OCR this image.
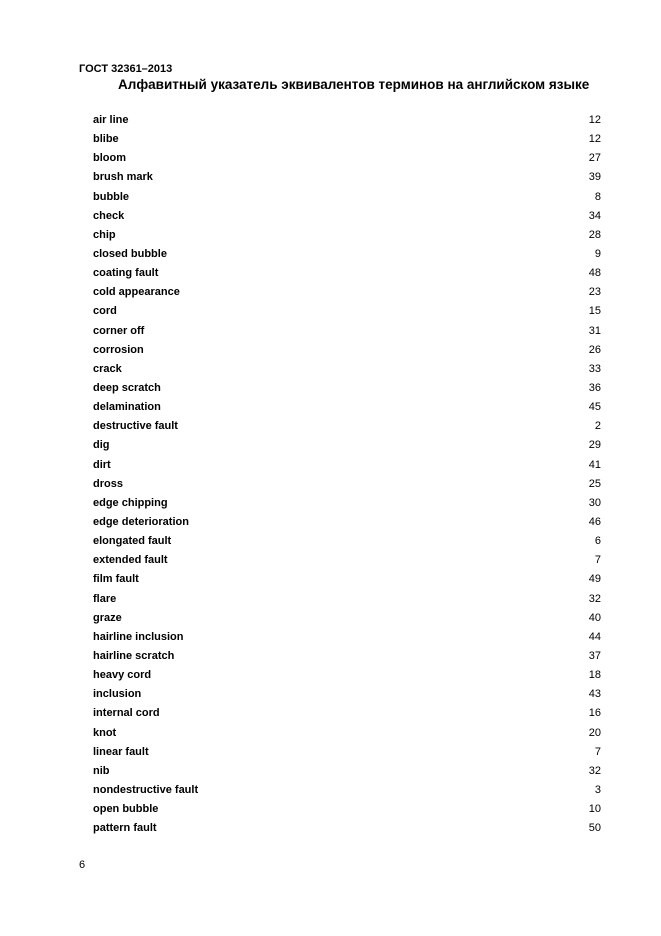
ГОСТ 32361–2013
Алфавитный указатель эквивалентов терминов на английском языке
air line	12
blibe	12
bloom	27
brush mark	39
bubble	8
check	34
chip	28
closed bubble	9
coating fault	48
cold appearance	23
cord	15
corner off	31
corrosion	26
crack	33
deep scratch	36
delamination	45
destructive fault	2
dig	29
dirt	41
dross	25
edge chipping	30
edge deterioration	46
elongated fault	6
extended fault	7
film fault	49
flare	32
graze	40
hairline inclusion	44
hairline scratch	37
heavy cord	18
inclusion	43
internal cord	16
knot	20
linear fault	7
nib	32
nondestructive fault	3
open bubble	10
pattern fault	50
6
